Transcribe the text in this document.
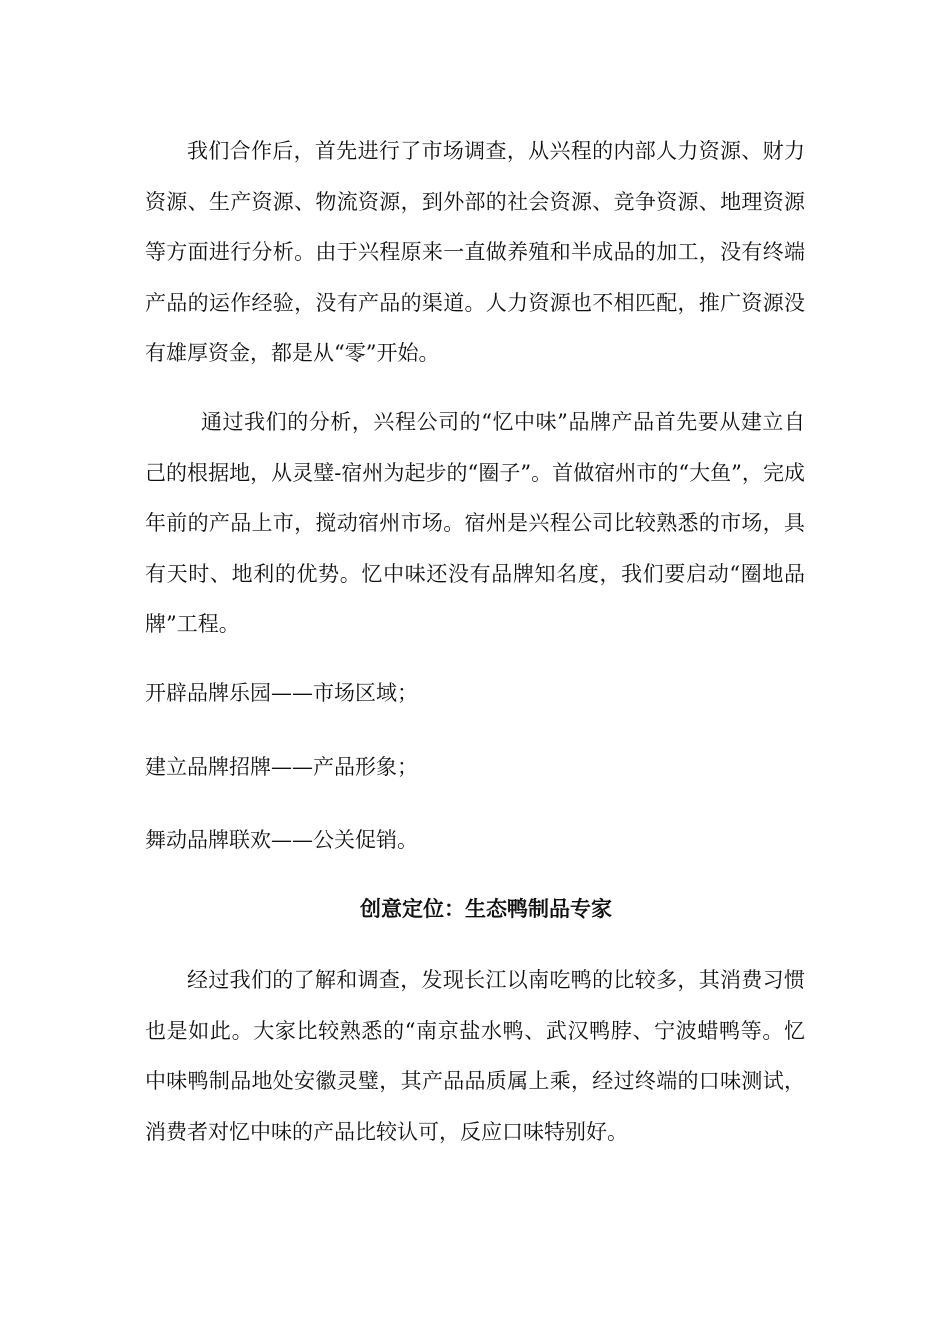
我们合作后，首先进行了市场调查，从兴程的内部人力资源、财力资源、生产资源、物流资源，到外部的社会资源、竞争资源、地理资源等方面进行分析。由于兴程原来一直做养殖和半成品的加工，没有终端产品的运作经验，没有产品的渠道。人力资源也不相匹配，推广资源没有雄厚资金，都是从“零”开始。

通过我们的分析，兴程公司的“忆中味”品牌产品首先要从建立自己的根据地，从灵璧-宿州为起步的“圈子”。首做宿州市的“大鱼”，完成年前的产品上市，搅动宿州市场。宿州是兴程公司比较熟悉的市场，具有天时、地利的优势。忆中味还没有品牌知名度，我们要启动“圈地品牌”工程。

开辟品牌乐园——市场区域；

建立品牌招牌——产品形象；

舞动品牌联欢——公关促销。

创意定位：生态鸭制品专家

经过我们的了解和调查，发现长江以南吃鸭的比较多，其消费习惯也是如此。大家比较熟悉的“南京盐水鸭、武汉鸭脖、宁波蜡鸭等。忆中味鸭制品地处安徽灵璧，其产品品质属上乘，经过终端的口味测试，消费者对忆中味的产品比较认可，反应口味特别好。
